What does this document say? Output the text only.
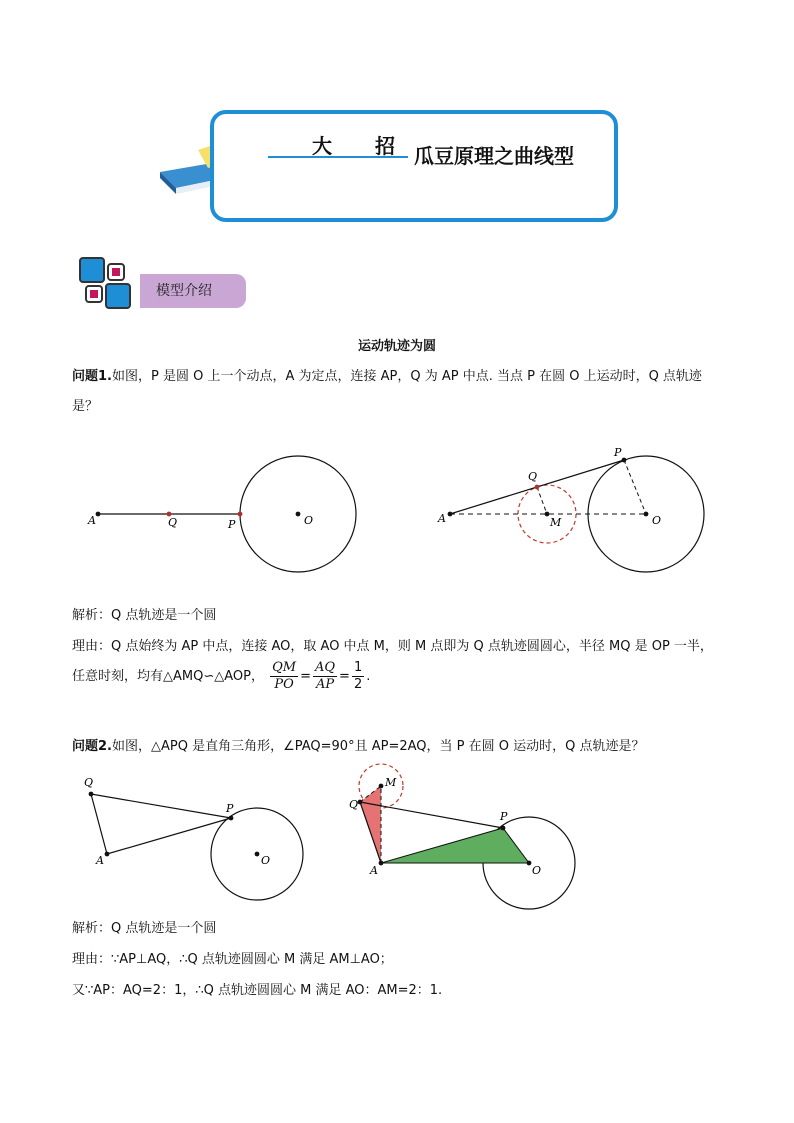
大 招 瓜豆原理之曲线型
模型介绍
运动轨迹为圆
问题1.如图，P 是圆 O 上一个动点，A 为定点，连接 AP，Q 为 AP 中点. 当点 P 在圆 O 上运动时，Q 点轨迹
是？
A	Q	P	O	A
Q
P
M	O
解析：Q 点轨迹是一个圆
理由：Q 点始终为 AP 中点，连接 AO，取 AO 中点 M，则 M 点即为 Q 点轨迹圆圆心，半径 MQ 是 OP 一半，
任意时刻，均有△AMQ∽△AOP， $\frac{QM}{PO} = \frac{AQ}{AP} = \frac{1}{2}$ .
问题2.如图，△APQ 是直角三角形，∠PAQ=90°且 AP=2AQ，当 P 在圆 O 运动时，Q 点轨迹是？
Q
A
P
O
M
Q
A
P
O
解析：Q 点轨迹是一个圆
理由：∵AP⊥AQ，∴Q 点轨迹圆圆心 M 满足 AM⊥AO；
又∵AP：AQ=2：1，∴Q 点轨迹圆圆心 M 满足 AO：AM=2：1.
